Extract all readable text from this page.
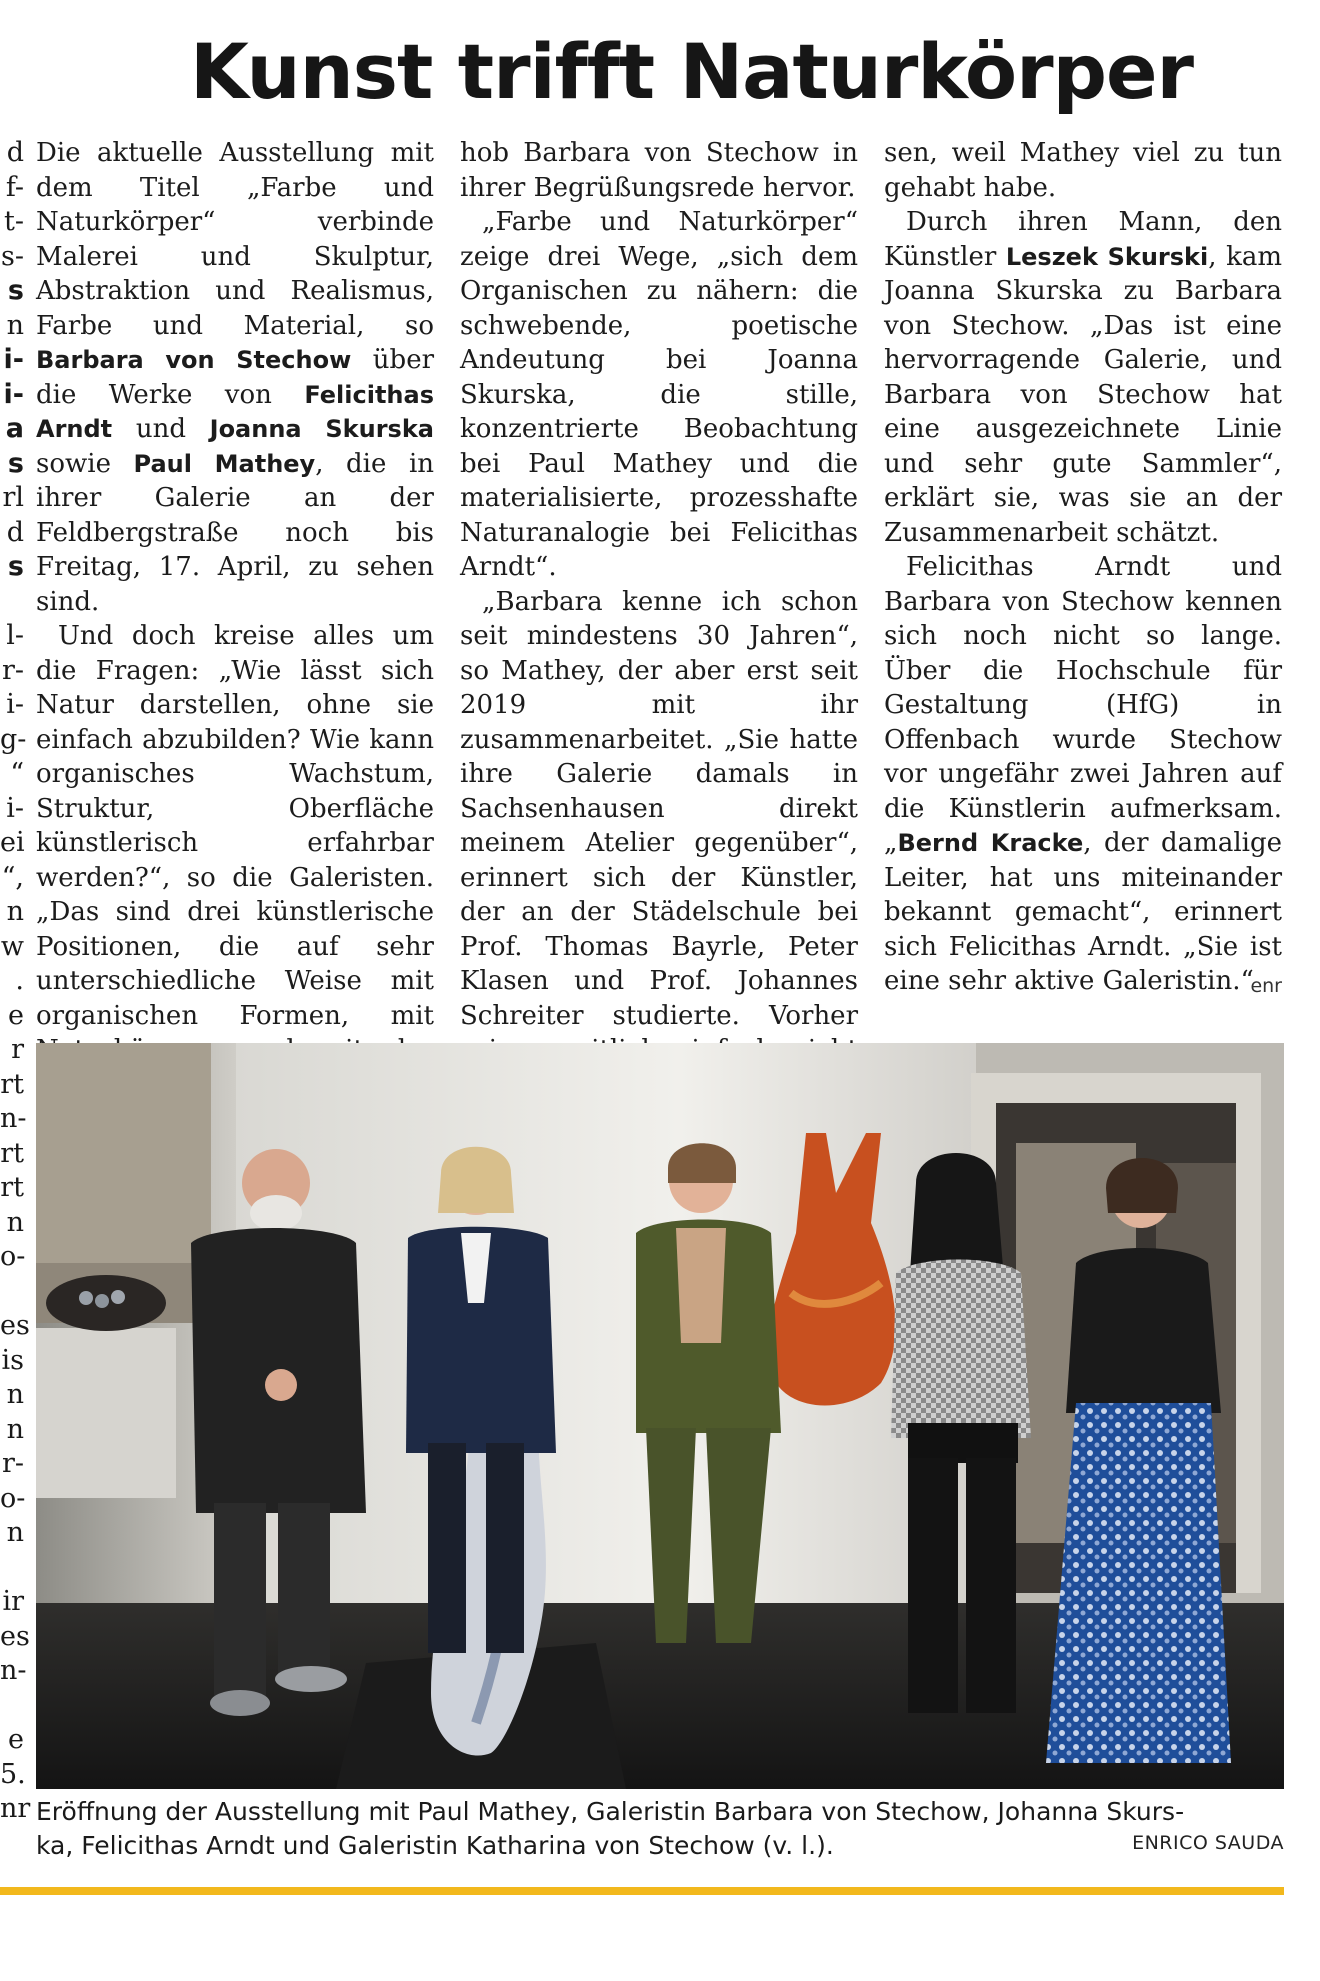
Kunst trifft Naturkörper
d
f-
t-
s-
s
n
i-
i-
a
s
rl
d
s
l-
r-
i-
g-
“
i-
ei
“,
n
w
.
e
r
rt
n-
rt
rt
n
o-
es
is
n
n
r-
o-
n
ir
es
n-
e
5.
nr

Die aktuelle Ausstellung mit dem Titel „Farbe und Naturkörper“ verbinde Malerei und Skulptur, Abstraktion und Realismus, Farbe und Material, so Barbara von Stechow über die Werke von Felicithas Arndt und Joanna Skurska sowie Paul Mathey, die in ihrer Galerie an der Feldbergstraße noch bis Freitag, 17. April, zu sehen sind.

Und doch kreise alles um die Fragen: „Wie lässt sich Natur darstellen, ohne sie einfach abzubilden? Wie kann organisches Wachstum, Struktur, Oberfläche künstlerisch erfahrbar werden?“, so die Galeristen. „Das sind drei künstlerische Positionen, die auf sehr unterschiedliche Weise mit organischen Formen, mit

hob Barbara von Stechow in ihrer Begrüßungsrede hervor.

„Farbe und Naturkörper“ zeige drei Wege, „sich dem Organischen zu nähern: die schwebende, poetische Andeutung bei Joanna Skurska, die stille, konzentrierte Beobachtung bei Paul Mathey und die materialisierte, prozesshafte Naturanalogie bei Felicithas Arndt“.

„Barbara kenne ich schon seit mindestens 30 Jahren“, so Mathey, der aber erst seit 2019 mit ihr zusammenarbeitet. „Sie hatte ihre Galerie damals in Sachsenhausen direkt meinem Atelier gegenüber“, erinnert sich der Künstler, der an der Städelschule bei Prof. Thomas Bayrle, Peter Klasen und Prof. Johannes Schreiter studierte. Vorher

sen, weil Mathey viel zu tun gehabt habe.

Durch ihren Mann, den Künstler Leszek Skurski, kam Joanna Skurska zu Barbara von Stechow. „Das ist eine hervorragende Galerie, und Barbara von Stechow hat eine ausgezeichnete Linie und sehr gute Sammler“, erklärt sie, was sie an der Zusammenarbeit schätzt.

Felicithas Arndt und Barbara von Stechow kennen sich noch nicht so lange. Über die Hochschule für Gestaltung (HfG) in Offenbach wurde Stechow vor ungefähr zwei Jahren auf die Künstlerin aufmerksam. „Bernd Kracke, der damalige Leiter, hat uns miteinander bekannt gemacht“, erinnert sich Felicithas Arndt. „Sie ist eine sehr aktive Galeristin.“

enr
Eröffnung der Ausstellung mit Paul Mathey, Galeristin Barbara von Stechow, Johanna Skurs-
ka, Felicithas Arndt und Galeristin Katharina von Stechow (v. l.).	ENRICO SAUDA
